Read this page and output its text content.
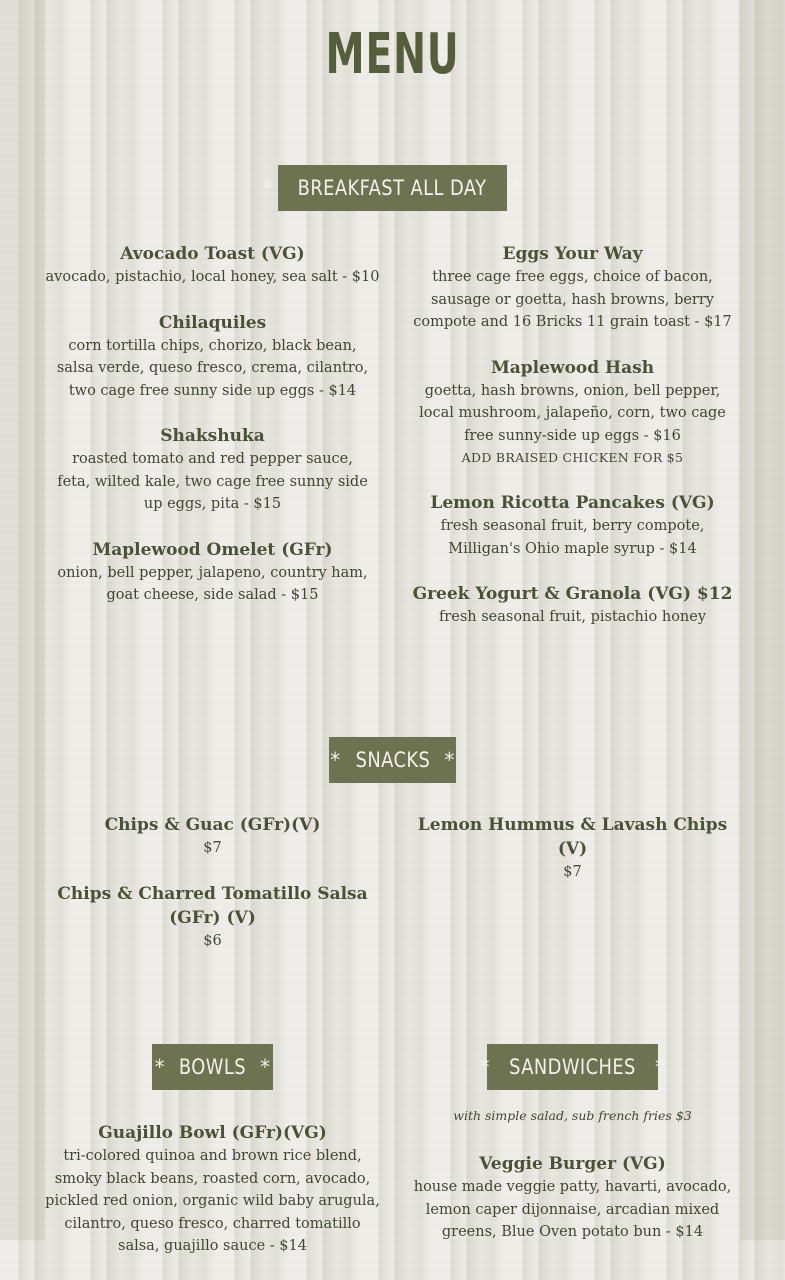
MENU
* BREAKFAST ALL DAY *
Avocado Toast (VG)
avocado, pistachio, local honey, sea salt - $10
Chilaquiles
corn tortilla chips, chorizo, black bean, salsa verde, queso fresco, crema, cilantro, two cage free sunny side up eggs - $14
Shakshuka
roasted tomato and red pepper sauce, feta, wilted kale, two cage free sunny side up eggs, pita - $15
Maplewood Omelet (GFr)
onion, bell pepper, jalapeno, country ham, goat cheese, side salad - $15
Eggs Your Way
three cage free eggs, choice of bacon, sausage or goetta, hash browns, berry compote and 16 Bricks 11 grain toast - $17
Maplewood Hash
goetta, hash browns, onion, bell pepper, local mushroom, jalapeño, corn, two cage free sunny-side up eggs - $16
ADD BRAISED CHICKEN FOR $5
Lemon Ricotta Pancakes (VG)
fresh seasonal fruit, berry compote, Milligan's Ohio maple syrup - $14
Greek Yogurt & Granola (VG) $12
fresh seasonal fruit, pistachio honey
* SNACKS *
Chips & Guac (GFr)(V)
$7
Chips & Charred Tomatillo Salsa (GFr) (V)
$6
Lemon Hummus & Lavash Chips (V)
$7
* BOWLS *	* SANDWICHES *
Guajillo Bowl (GFr)(VG)
tri-colored quinoa and brown rice blend, smoky black beans, roasted corn, avocado, pickled red onion, organic wild baby arugula, cilantro, queso fresco, charred tomatillo salsa, guajillo sauce - $14
with simple salad, sub french fries $3
Veggie Burger (VG)
house made veggie patty, havarti, avocado, lemon caper dijonnaise, arcadian mixed greens, Blue Oven potato bun - $14
